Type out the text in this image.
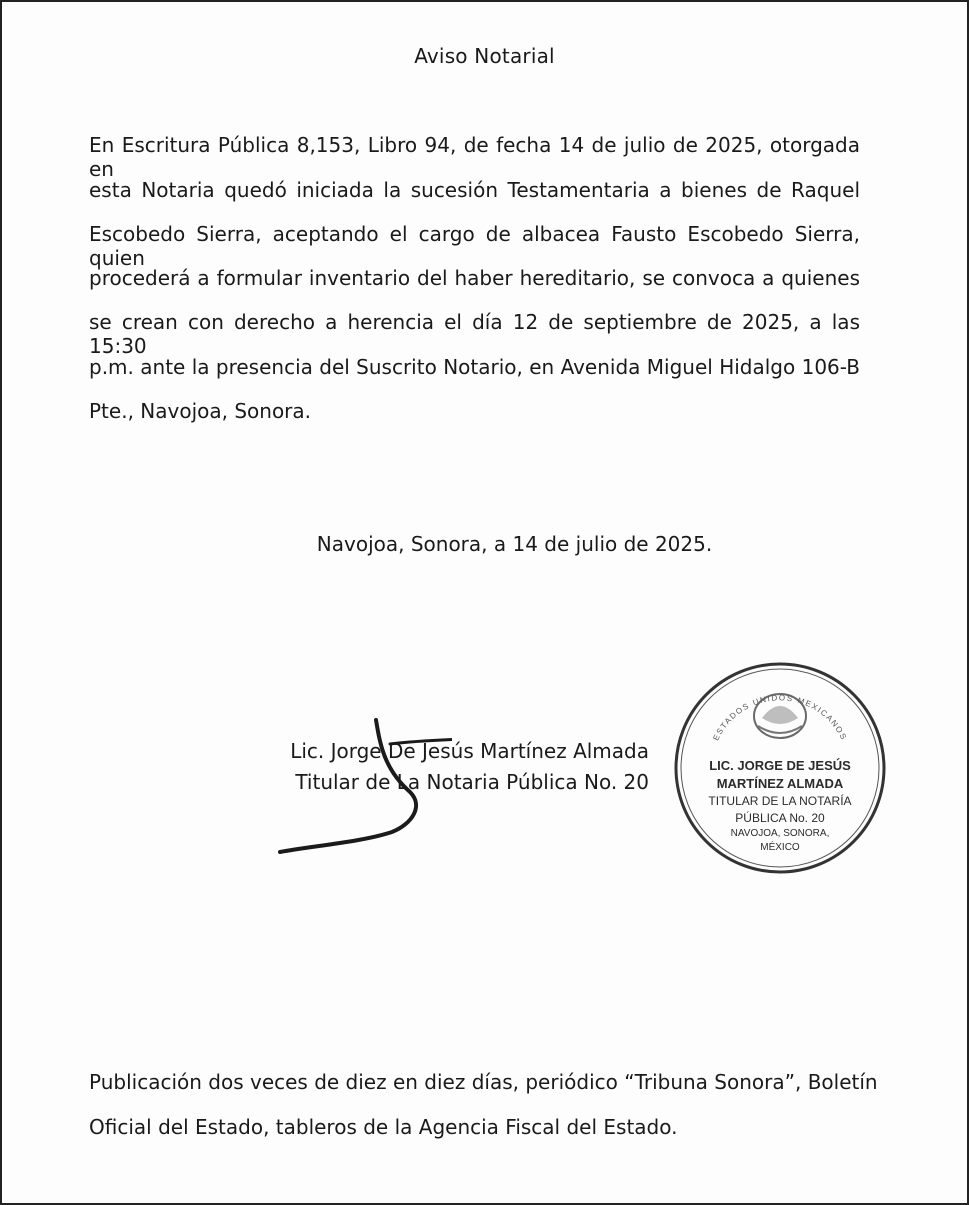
Aviso Notarial
En Escritura Pública 8,153, Libro 94, de fecha 14 de julio de 2025, otorgada en
esta Notaria quedó iniciada la sucesión Testamentaria a bienes de Raquel
Escobedo Sierra, aceptando el cargo de albacea Fausto Escobedo Sierra, quien
procederá a formular inventario del haber hereditario, se convoca a quienes
se crean con derecho a herencia el día 12 de septiembre de 2025, a las 15:30
p.m. ante la presencia del Suscrito Notario, en Avenida Miguel Hidalgo 106-B
Pte., Navojoa, Sonora.
Navojoa, Sonora, a 14 de julio de 2025.
Lic. Jorge De Jesús Martínez Almada
Titular de La Notaria Pública No. 20
ESTADOS UNIDOS MEXICANOS
LIC. JORGE DE JESÚS
MARTÍNEZ ALMADA
TITULAR DE LA NOTARÍA
PÚBLICA No. 20
NAVOJOA, SONORA,
MÉXICO
Publicación dos veces de diez en diez días, periódico “Tribuna Sonora”, Boletín
Oficial del Estado, tableros de la Agencia Fiscal del Estado.
